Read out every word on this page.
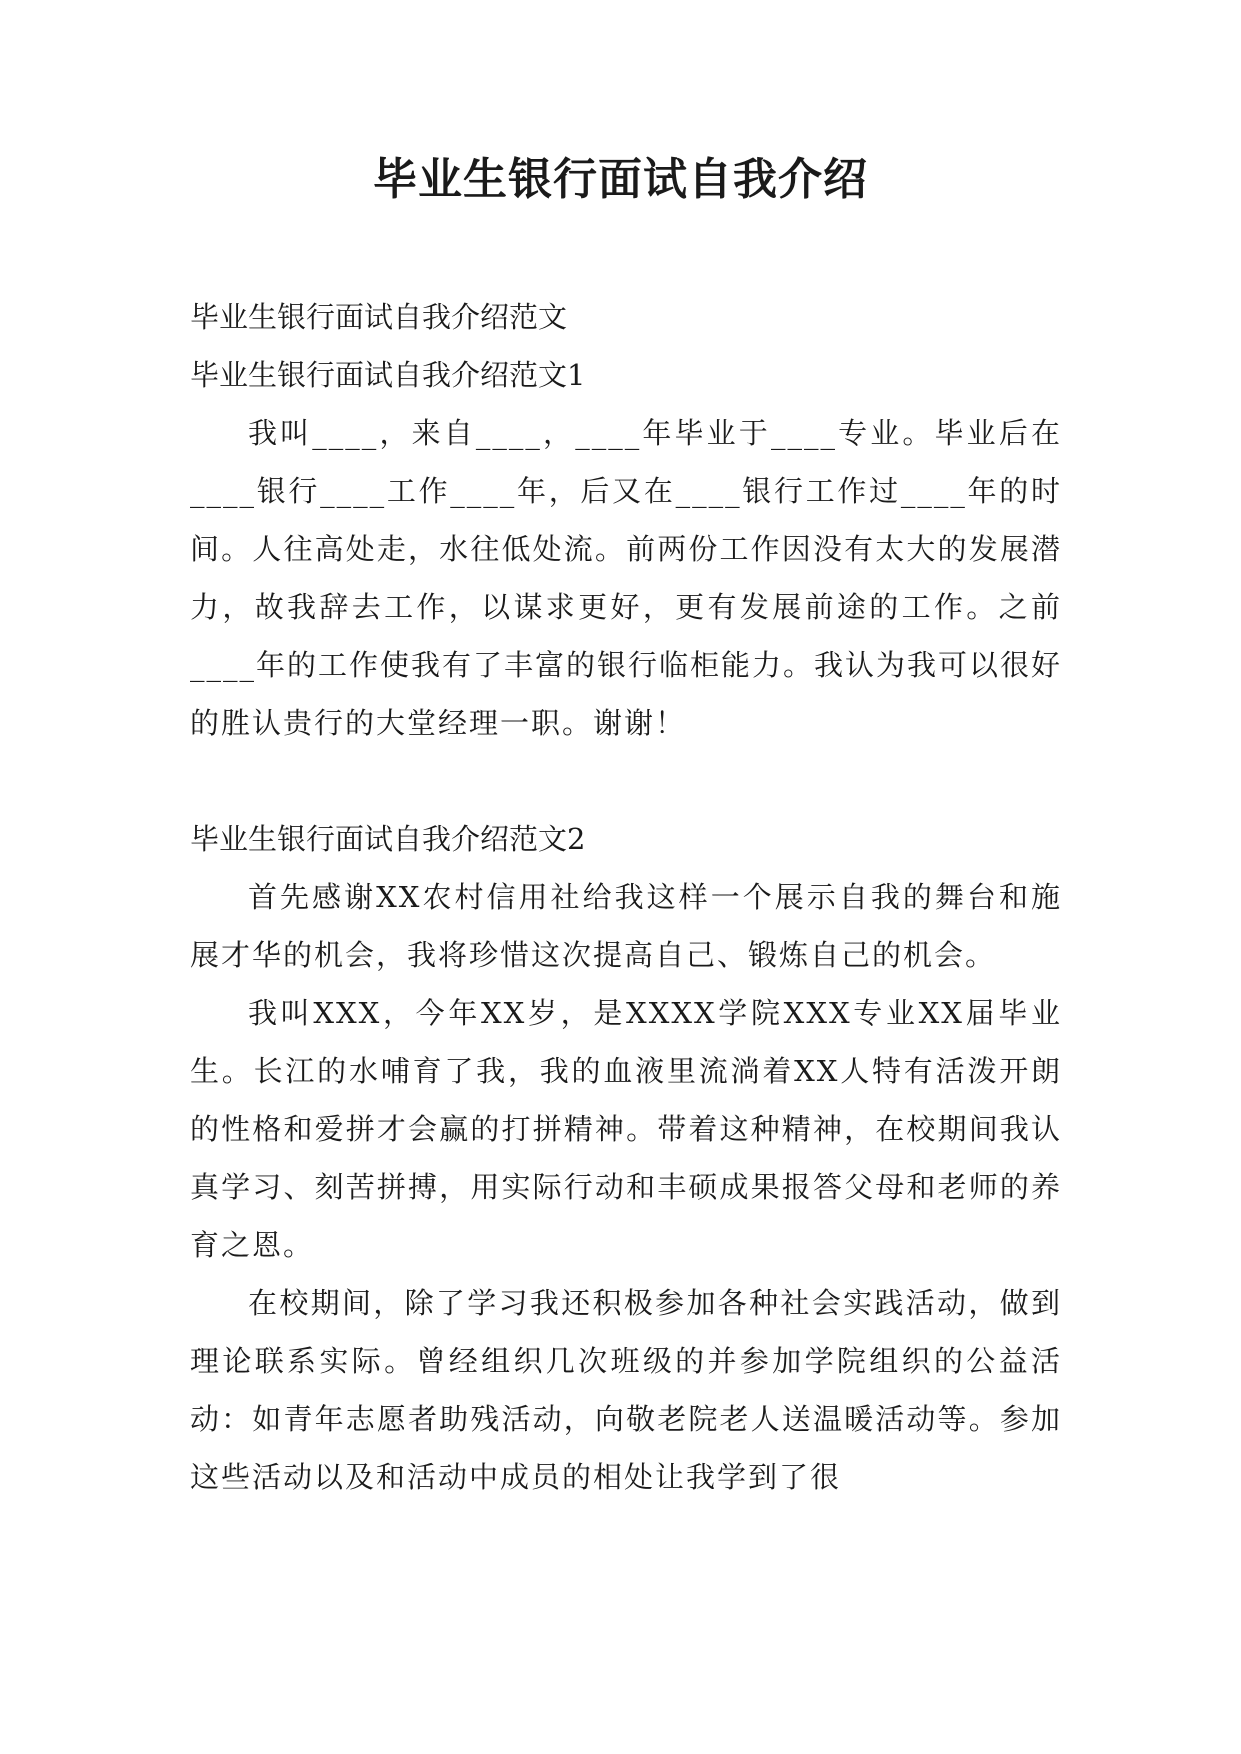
毕业生银行面试自我介绍

毕业生银行面试自我介绍范文

毕业生银行面试自我介绍范文1

我叫____，来自____，____年毕业于____专业。毕业后在____银行____工作____年，后又在____银行工作过____年的时间。人往高处走，水往低处流。前两份工作因没有太大的发展潜力，故我辞去工作，以谋求更好，更有发展前途的工作。之前____年的工作使我有了丰富的银行临柜能力。我认为我可以很好的胜认贵行的大堂经理一职。谢谢！

毕业生银行面试自我介绍范文2

首先感谢XX农村信用社给我这样一个展示自我的舞台和施展才华的机会，我将珍惜这次提高自己、锻炼自己的机会。

我叫XXX，今年XX岁，是XXXX学院XXX专业XX届毕业生。长江的水哺育了我，我的血液里流淌着XX人特有活泼开朗的性格和爱拼才会赢的打拼精神。带着这种精神，在校期间我认真学习、刻苦拼搏，用实际行动和丰硕成果报答父母和老师的养育之恩。

在校期间，除了学习我还积极参加各种社会实践活动，做到理论联系实际。曾经组织几次班级的并参加学院组织的公益活动：如青年志愿者助残活动，向敬老院老人送温暖活动等。参加这些活动以及和活动中成员的相处让我学到了很
